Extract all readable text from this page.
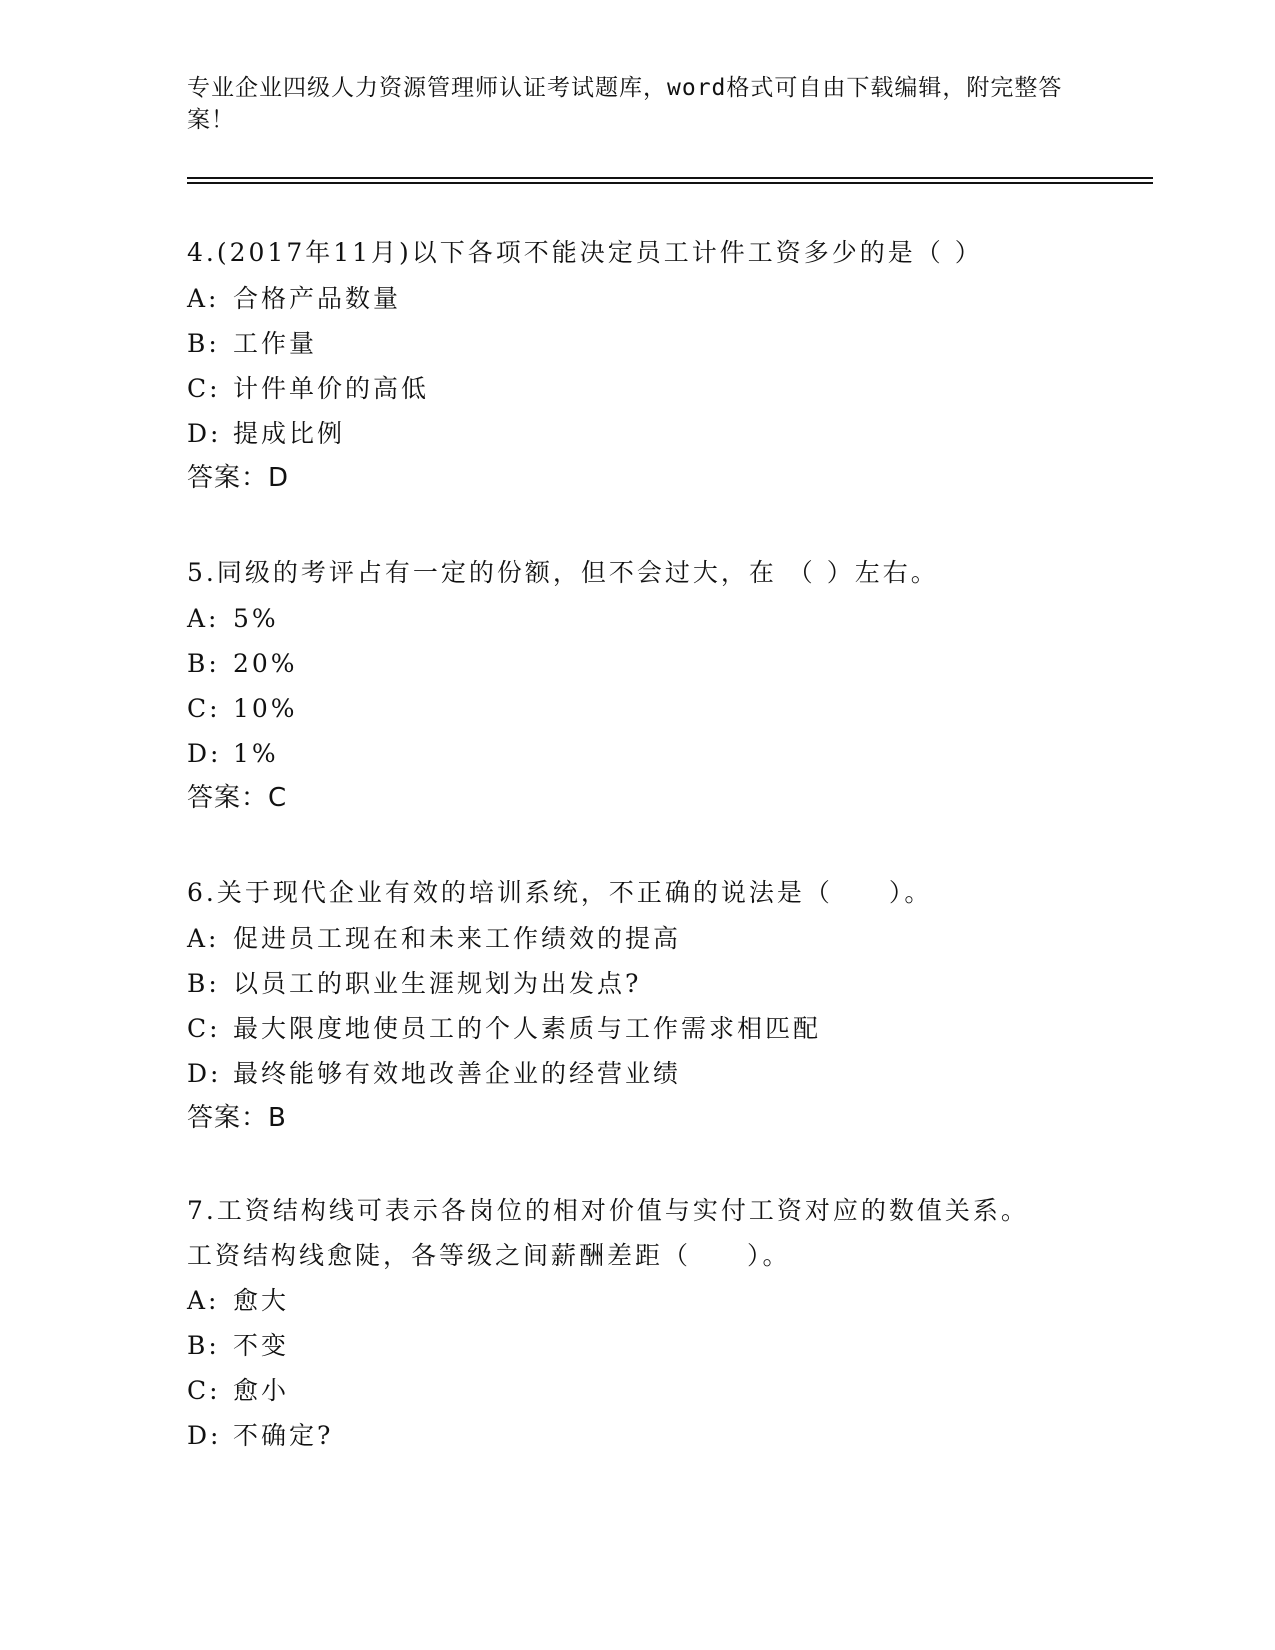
专业企业四级人力资源管理师认证考试题库，word格式可自由下载编辑，附完整答案！
4.(2017年11月)以下各项不能决定员工计件工资多少的是（ ）
A: 合格产品数量
B: 工作量
C: 计件单价的高低
D: 提成比例
答案：D
5.同级的考评占有一定的份额，但不会过大，在 （ ）左右。
A: 5%
B: 20%
C: 10%
D: 1%
答案：C
6.关于现代企业有效的培训系统，不正确的说法是（　　）。
A: 促进员工现在和未来工作绩效的提高
B: 以员工的职业生涯规划为出发点?
C: 最大限度地使员工的个人素质与工作需求相匹配
D: 最终能够有效地改善企业的经营业绩
答案：B
7.工资结构线可表示各岗位的相对价值与实付工资对应的数值关系。
工资结构线愈陡，各等级之间薪酬差距（　　）。
A: 愈大
B: 不变
C: 愈小
D: 不确定?
